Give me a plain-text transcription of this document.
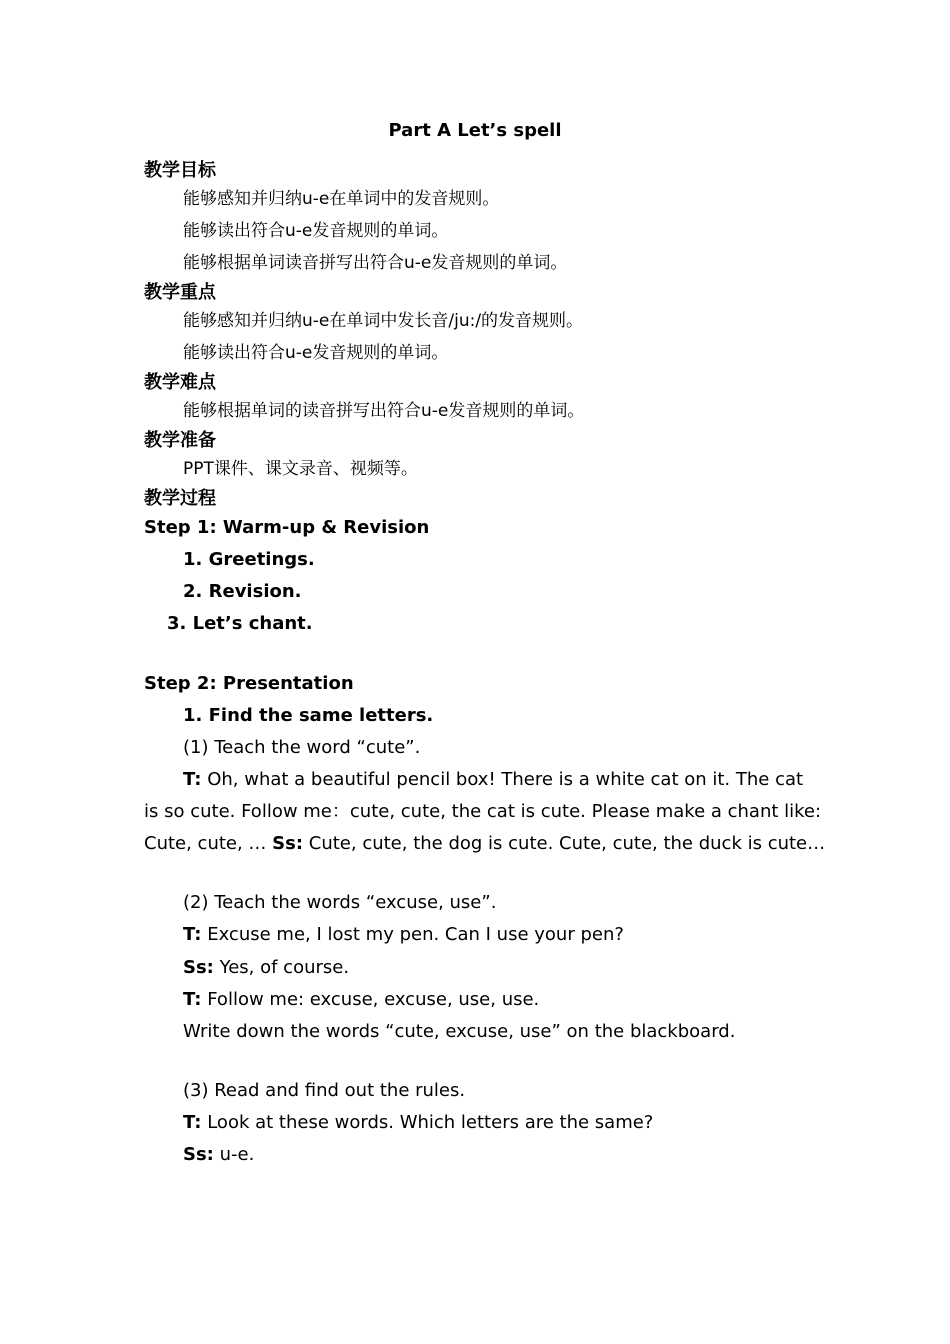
Part A Let’s spell
教学目标
能够感知并归纳u-e在单词中的发音规则。
能够读出符合u-e发音规则的单词。
能够根据单词读音拼写出符合u-e发音规则的单词。
教学重点
能够感知并归纳u-e在单词中发长音/ju:/的发音规则。
能够读出符合u-e发音规则的单词。
教学难点
能够根据单词的读音拼写出符合u-e发音规则的单词。
教学准备
PPT课件、课文录音、视频等。
教学过程
Step 1: Warm-up & Revision
1. Greetings.
2. Revision.
3. Let’s chant.
Step 2: Presentation
1. Find the same letters.
(1) Teach the word “cute”.
T: Oh, what a beautiful pencil box! There is a white cat on it. The cat
is so cute. Follow me：cute, cute, the cat is cute. Please make a chant like:
Cute, cute, … Ss: Cute, cute, the dog is cute. Cute, cute, the duck is cute…
(2) Teach the words “excuse, use”.
T: Excuse me, I lost my pen. Can I use your pen?
Ss: Yes, of course.
T: Follow me: excuse, excuse, use, use.
Write down the words “cute, excuse, use” on the blackboard.
(3) Read and find out the rules.
T: Look at these words. Which letters are the same?
Ss: u-e.
